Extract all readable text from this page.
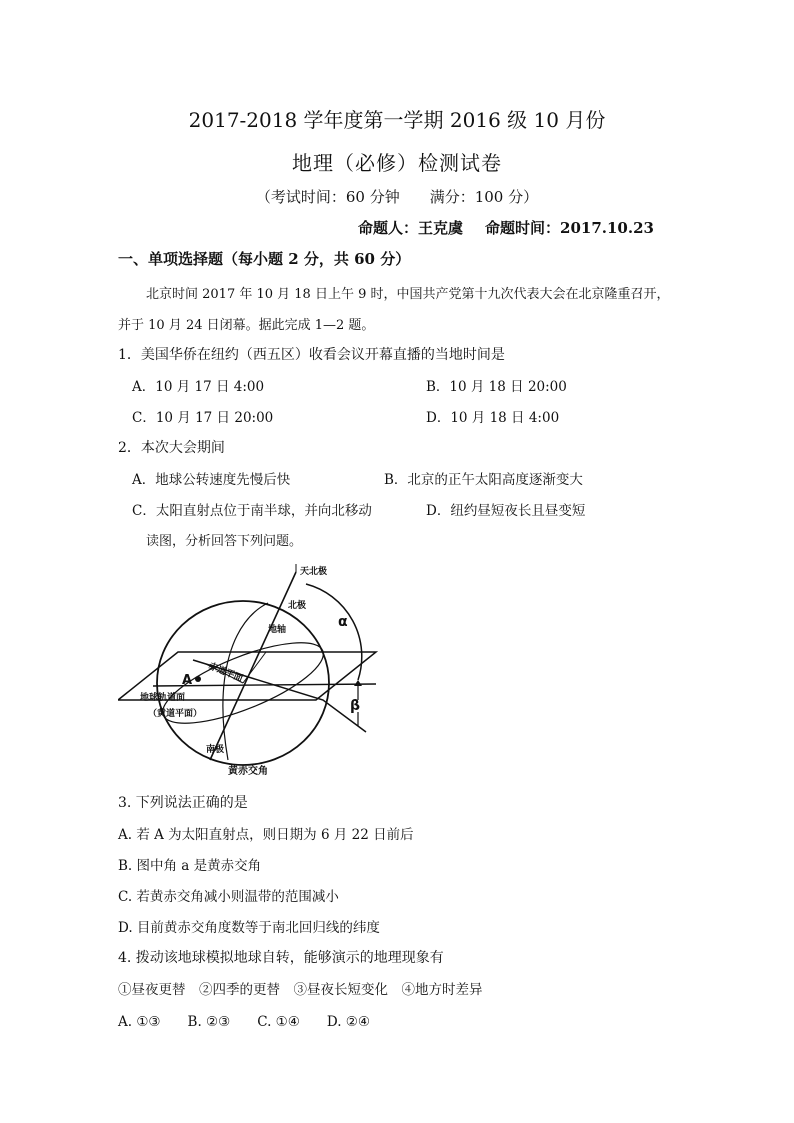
2017-2018 学年度第一学期 2016 级 10 月份
地理（必修）检测试卷
（考试时间：60 分钟　　满分：100 分）
命题人：王克虞 命题时间：2017.10.23
一、单项选择题（每小题 2 分，共 60 分）
北京时间 2017 年 10 月 18 日上午 9 时，中国共产党第十九次代表大会在北京隆重召开，
并于 10 月 24 日闭幕。据此完成 1—2 题。
1．美国华侨在纽约（西五区）收看会议开幕直播的当地时间是
A．10 月 17 日 4:00	B．10 月 18 日 20:00
C．10 月 17 日 20:00	D．10 月 18 日 4:00
2．本次大会期间
A．地球公转速度先慢后快	B．北京的正午太阳高度逐渐变大
C．太阳直射点位于南半球，并向北移动	D．纽约昼短夜长且昼变短
读图，分析回答下列问题。
天北极
北极
地轴
赤道平面
A
地球轨道面
（黄道平面）
南极
α
β
黄赤交角
3. 下列说法正确的是
A. 若 A 为太阳直射点，则日期为 6 月 22 日前后
B. 图中角 a 是黄赤交角
C. 若黄赤交角减小则温带的范围减小
D. 目前黄赤交角度数等于南北回归线的纬度
4. 拨动该地球模拟地球自转，能够演示的地理现象有
①昼夜更替　②四季的更替　③昼夜长短变化　④地方时差异
A. ①③　　B. ②③　　C. ①④　　D. ②④
